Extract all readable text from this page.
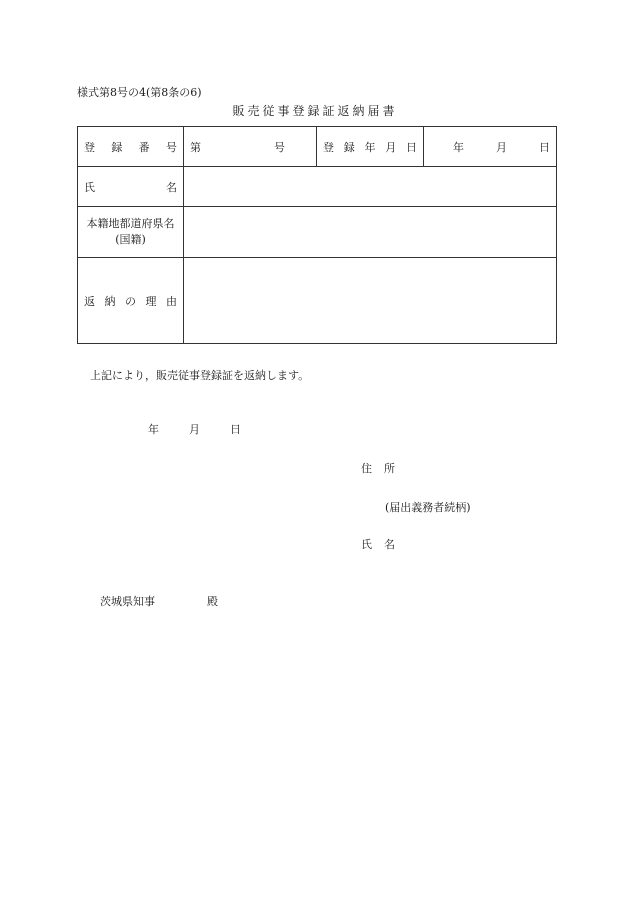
様式第8号の4(第8条の6)
販売従事登録証返納届書
登 録 番 号	第 号	登 録 年 月 日	年 月 日

氏 名			

本籍地都道府県名
(国籍)			

返 納 の 理 由			

上記により，販売従事登録証を返納します。
年	月	日
住 所
(届出義務者続柄)
氏 名
茨城県知事	殿
